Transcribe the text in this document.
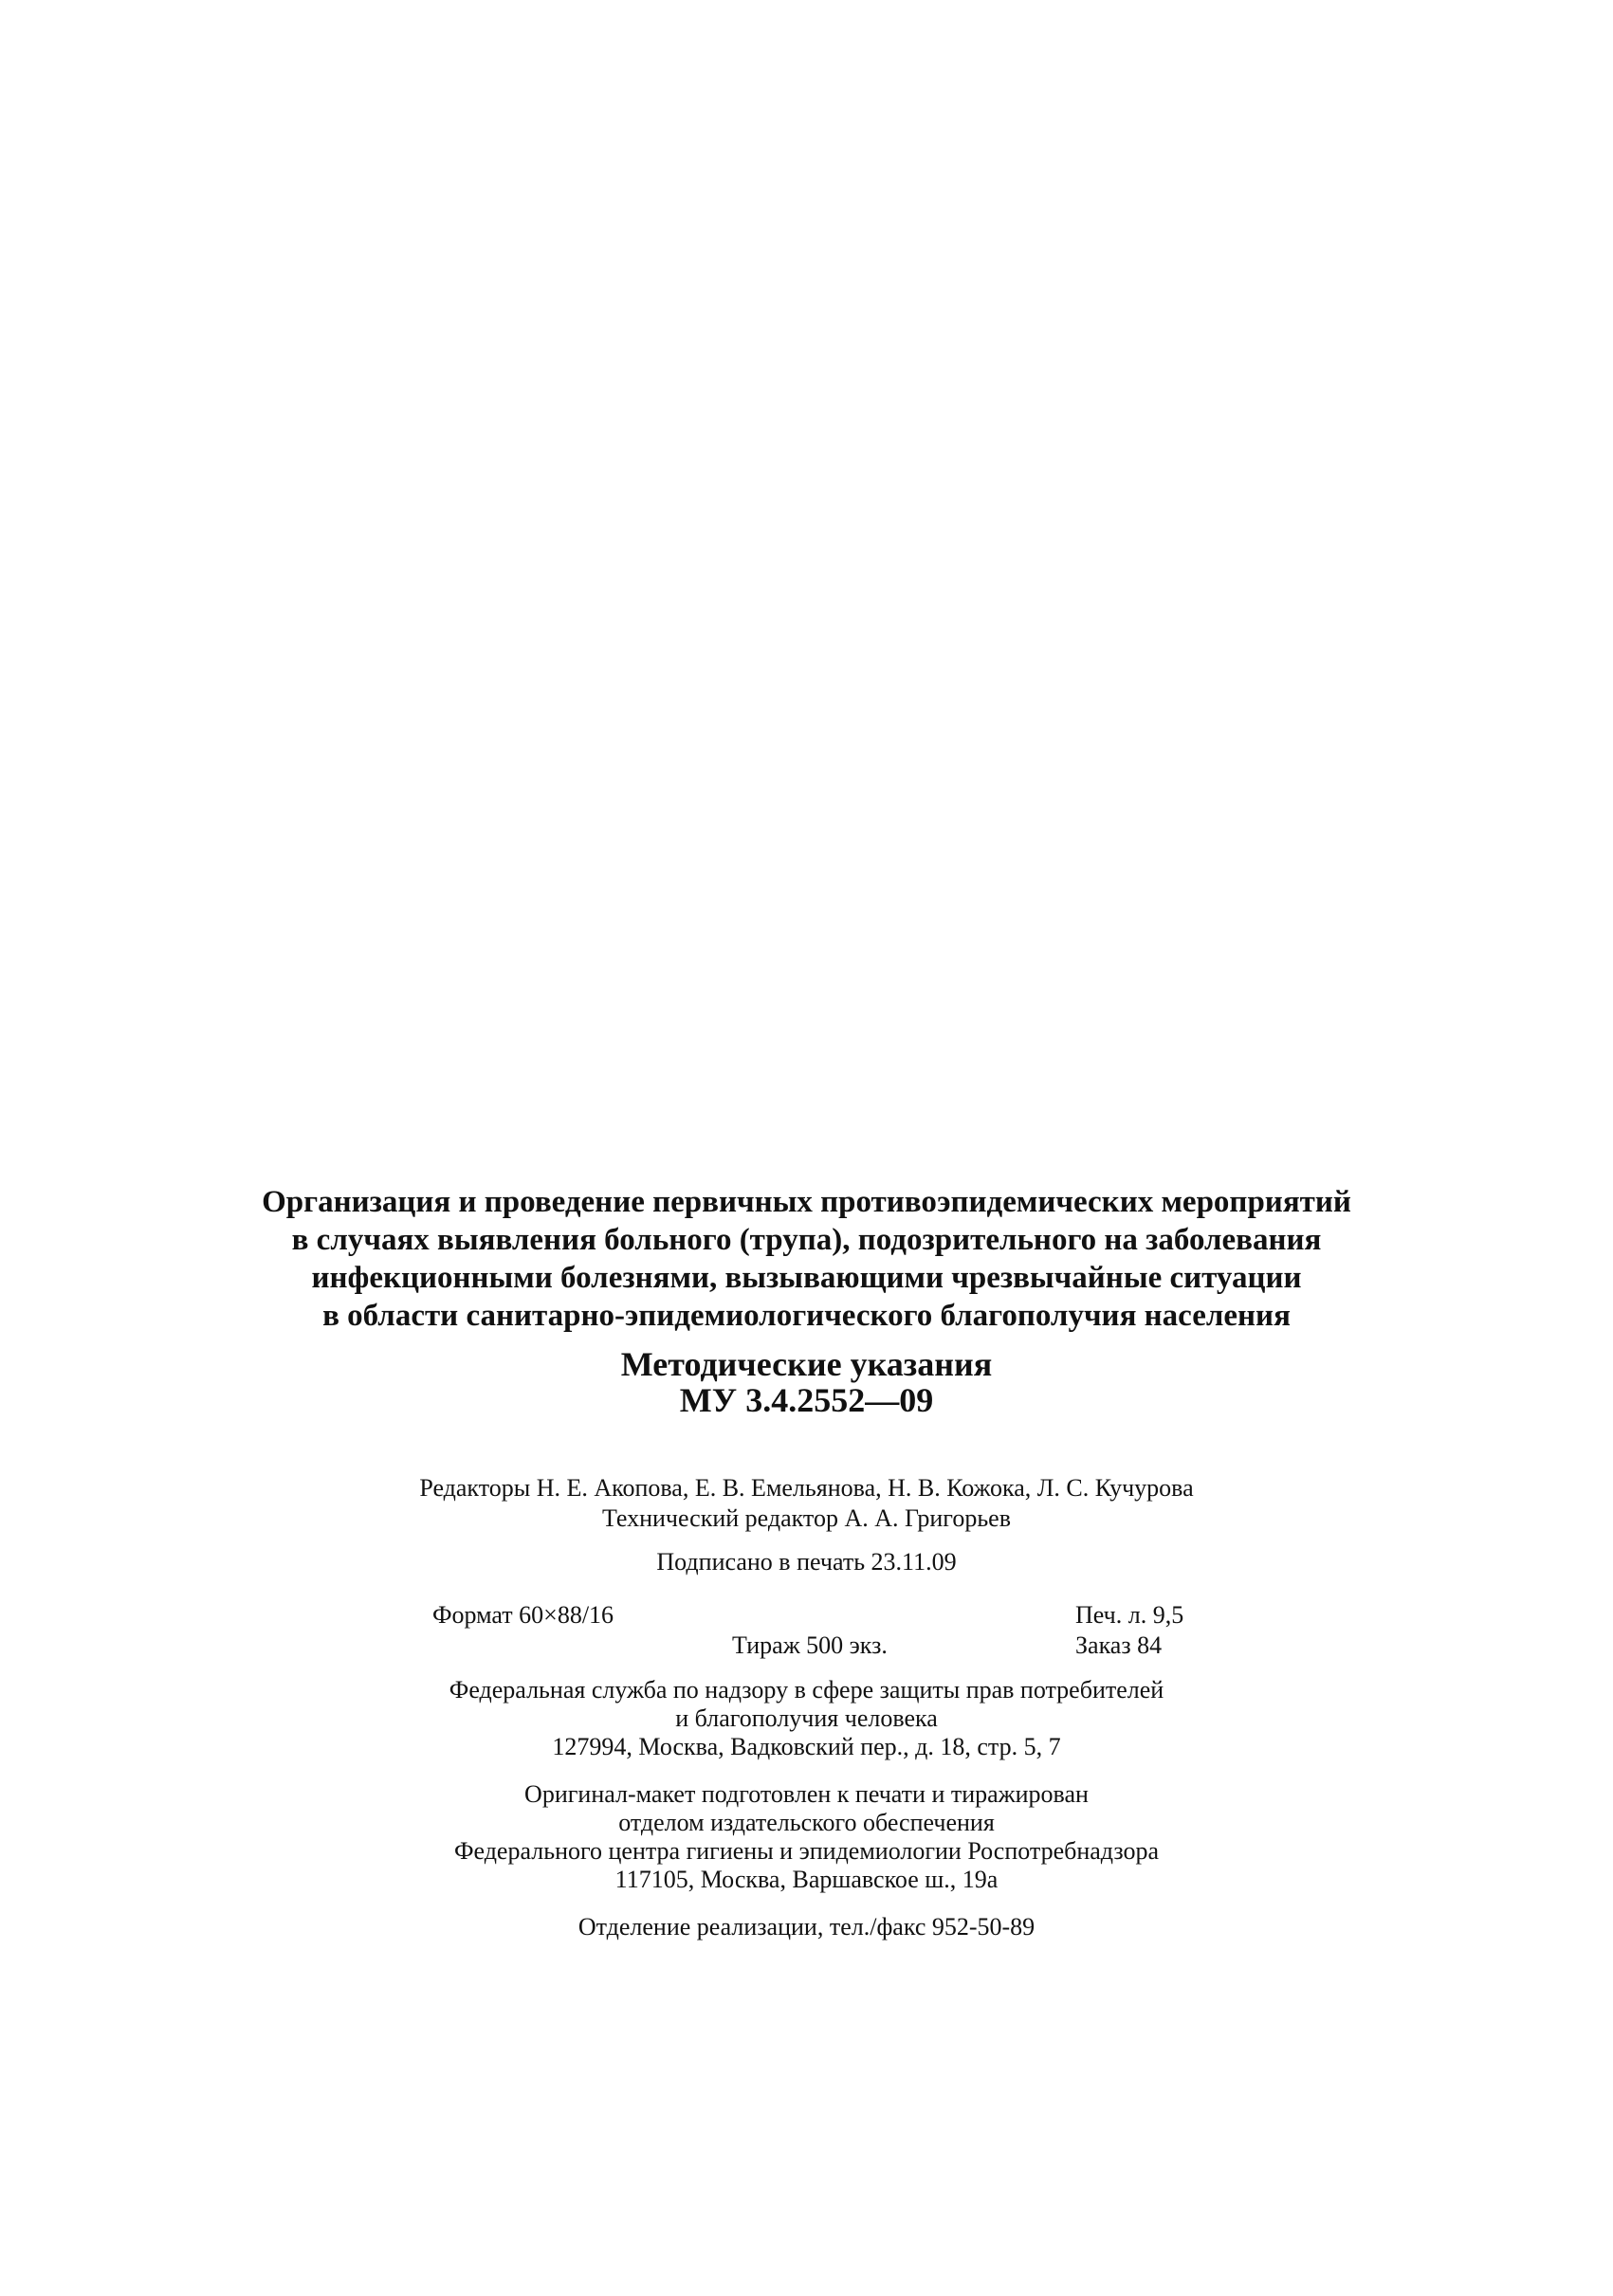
Организация и проведение первичных противоэпидемических мероприятий
в случаях выявления больного (трупа), подозрительного на заболевания
инфекционными болезнями, вызывающими чрезвычайные ситуации
в области санитарно-эпидемиологического благополучия населения
Методические указания
МУ 3.4.2552—09
Редакторы Н. Е. Акопова, Е. В. Емельянова, Н. В. Кожока, Л. С. Кучурова
Технический редактор А. А. Григорьев
Подписано в печать 23.11.09
Формат 60×88/16	Печ. л. 9,5
Тираж 500 экз.	Заказ 84
Федеральная служба по надзору в сфере защиты прав потребителей
и благополучия человека
127994, Москва, Вадковский пер., д. 18, стр. 5, 7
Оригинал-макет подготовлен к печати и тиражирован
отделом издательского обеспечения
Федерального центра гигиены и эпидемиологии Роспотребнадзора
117105, Москва, Варшавское ш., 19а
Отделение реализации, тел./факс 952-50-89
